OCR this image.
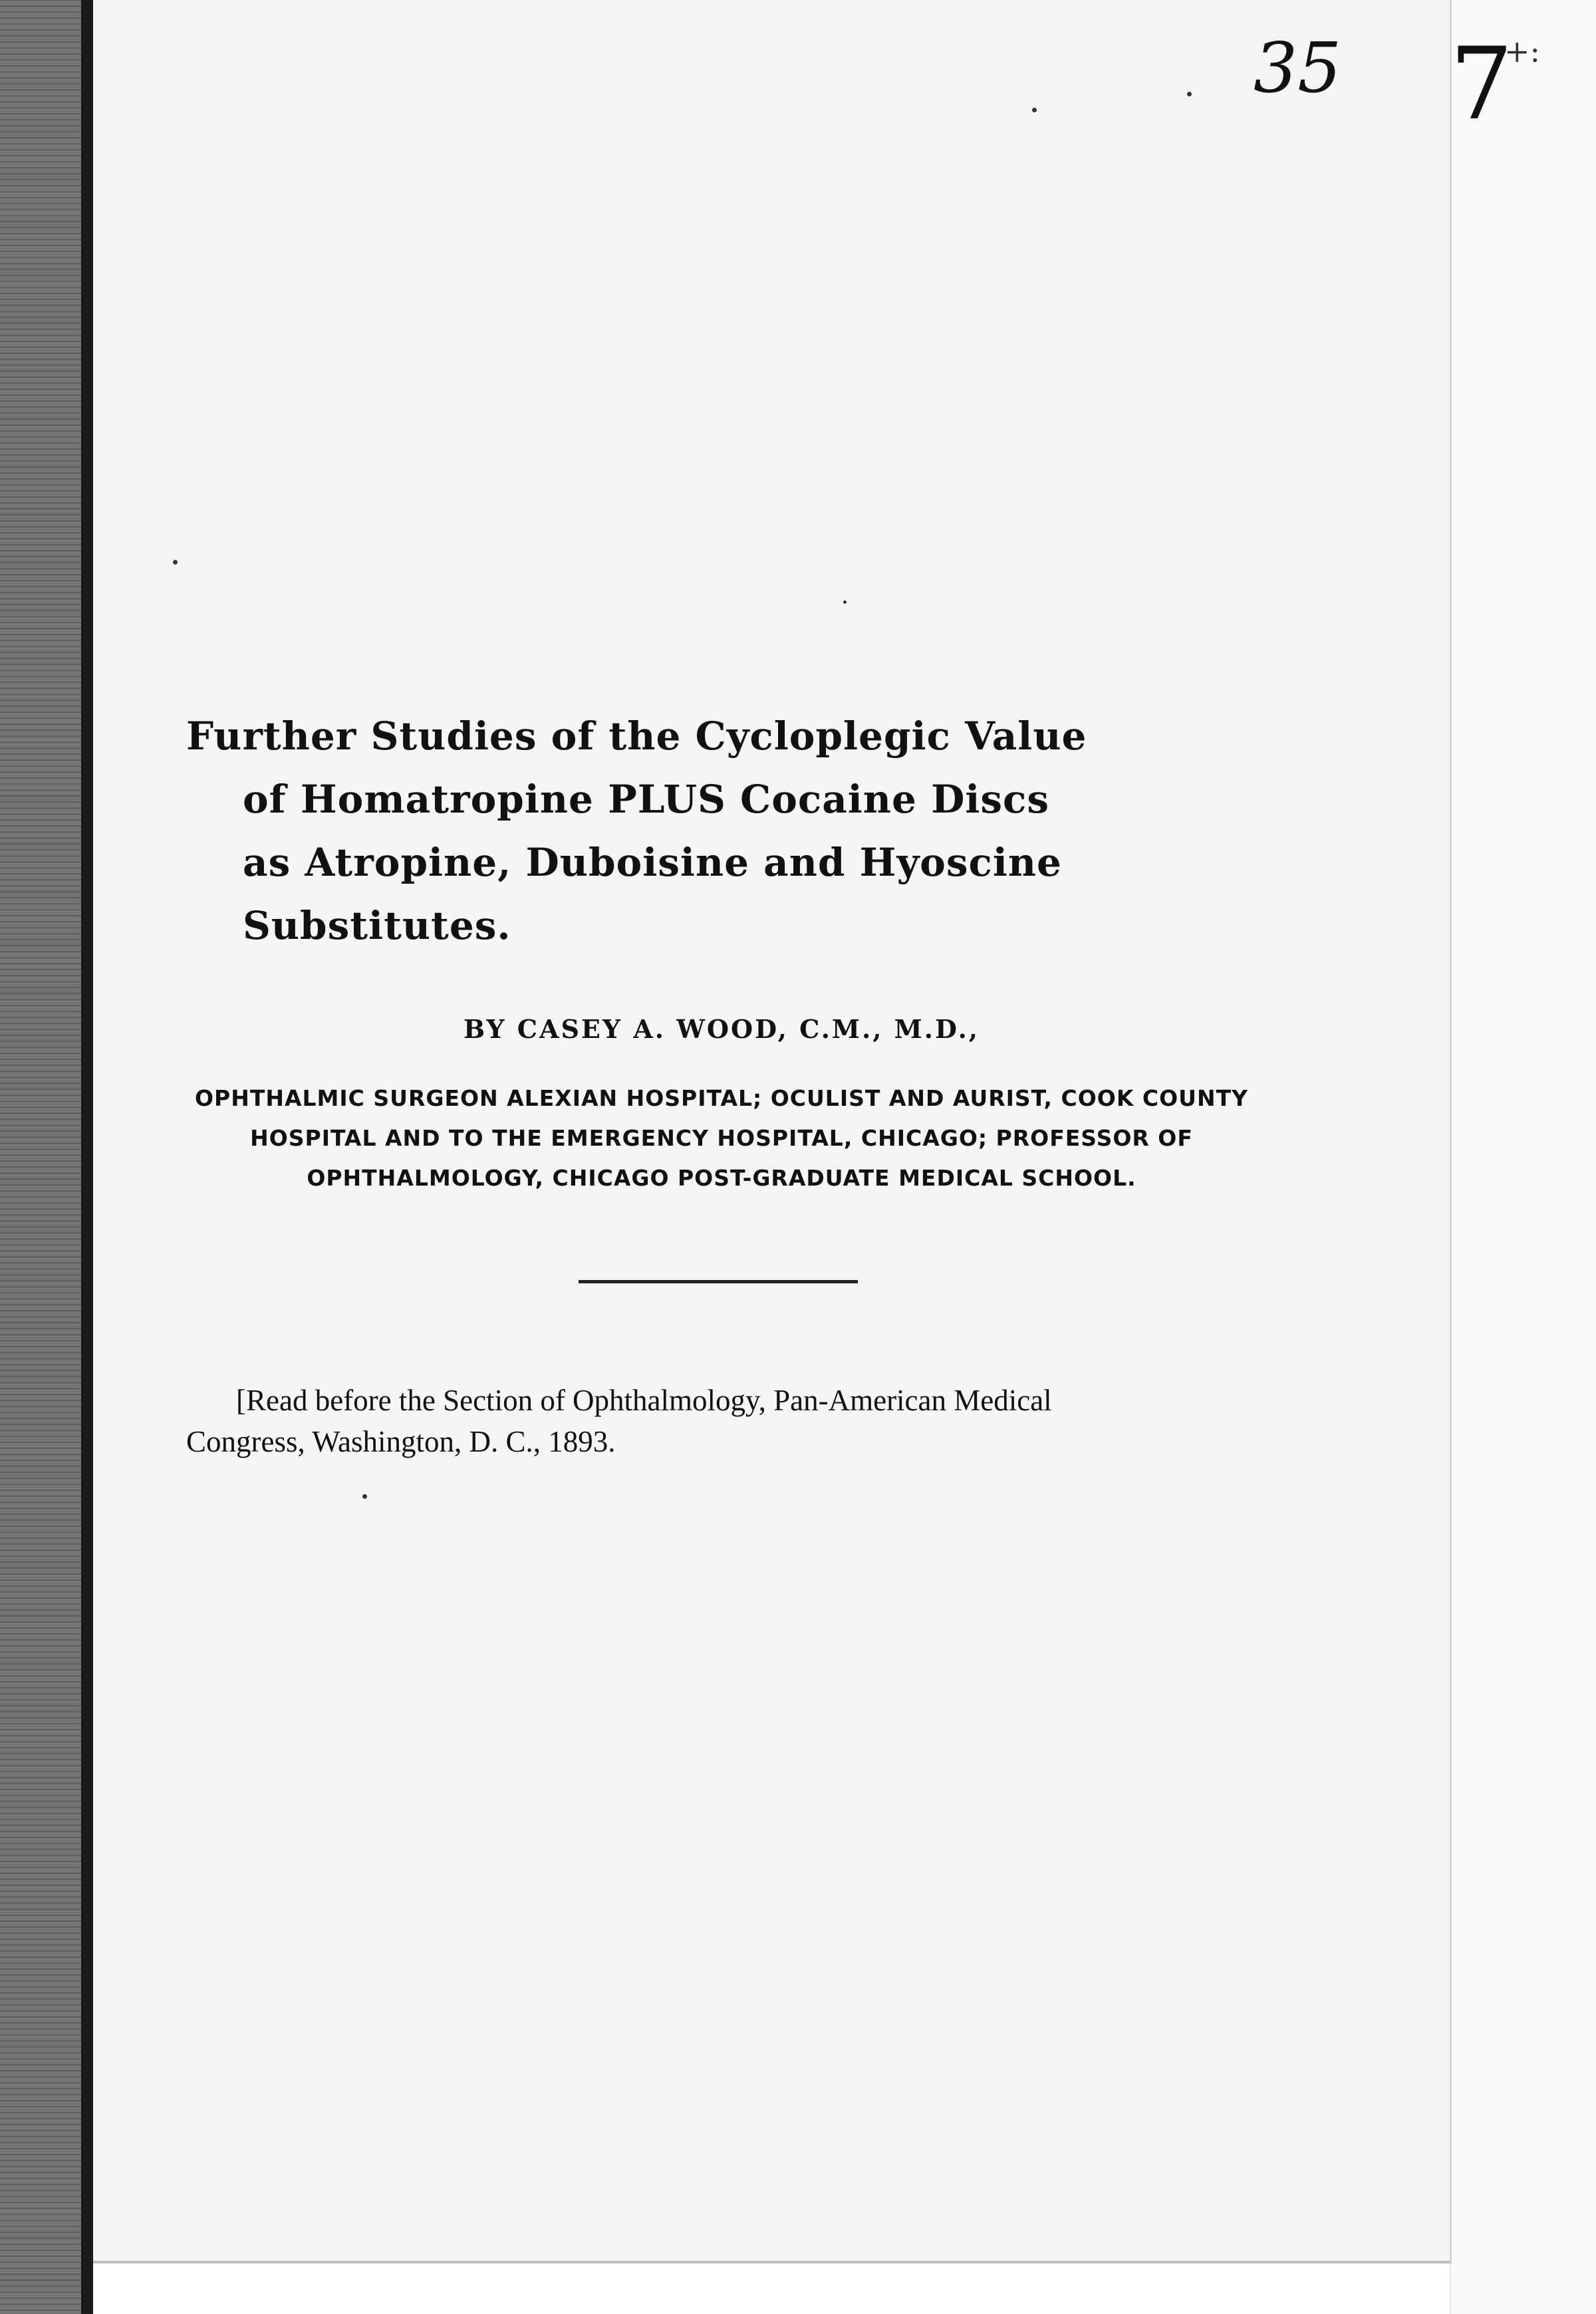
35 7
+:
Further Studies of the Cycloplegic Value
of Homatropine PLUS Cocaine Discs
as Atropine, Duboisine and Hyoscine
Substitutes.
BY CASEY A. WOOD, C.M., M.D.,
OPHTHALMIC SURGEON ALEXIAN HOSPITAL; OCULIST AND AURIST, COOK COUNTY
HOSPITAL AND TO THE EMERGENCY HOSPITAL, CHICAGO; PROFESSOR OF
OPHTHALMOLOGY, CHICAGO POST-GRADUATE MEDICAL SCHOOL.
[Read before the Section of Ophthalmology, Pan-American Medical
Congress, Washington, D. C., 1893.
